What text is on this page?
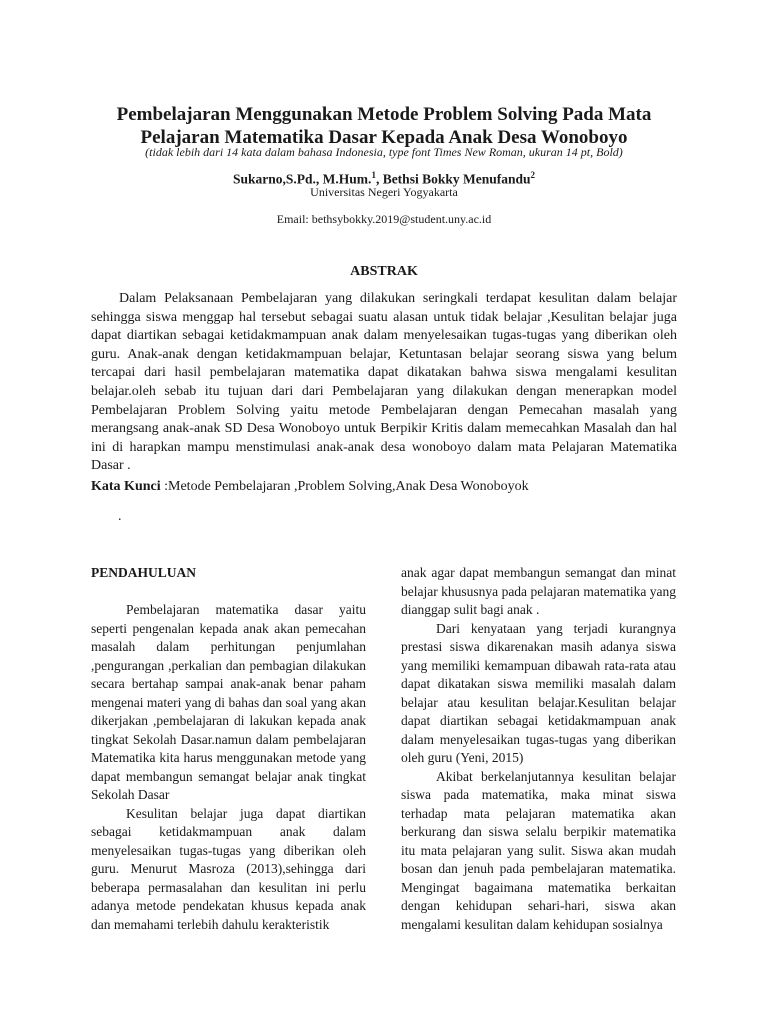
Pembelajaran Menggunakan Metode Problem Solving Pada Mata
Pelajaran Matematika Dasar Kepada Anak Desa Wonoboyo
(tidak lebih dari 14 kata dalam bahasa Indonesia, type font Times New Roman, ukuran 14 pt, Bold)
Sukarno,S.Pd., M.Hum.$^1$, Bethsi Bokky Menufandu$^2$
Universitas Negeri Yogyakarta
Email: bethsybokky.2019@student.uny.ac.id
ABSTRAK

Dalam Pelaksanaan Pembelajaran yang dilakukan seringkali terdapat kesulitan dalam belajar sehingga siswa menggap hal tersebut sebagai suatu alasan untuk tidak belajar ,Kesulitan belajar juga dapat diartikan sebagai ketidakmampuan anak dalam menyelesaikan tugas-tugas yang diberikan oleh guru. Anak-anak dengan ketidakmampuan belajar, Ketuntasan belajar seorang siswa yang belum tercapai dari hasil pembelajaran matematika dapat dikatakan bahwa siswa mengalami kesulitan belajar.oleh sebab itu tujuan dari dari Pembelajaran yang dilakukan dengan menerapkan model Pembelajaran Problem Solving yaitu metode Pembelajaran dengan Pemecahan masalah yang merangsang anak-anak SD Desa Wonoboyo untuk Berpikir Kritis dalam memecahkan Masalah dan hal ini di harapkan mampu menstimulasi anak-anak desa wonoboyo dalam mata Pelajaran Matematika Dasar .

Kata Kunci :Metode Pembelajaran ,Problem Solving,Anak Desa Wonoboyok
.
PENDAHULUAN

Pembelajaran matematika dasar yaitu seperti pengenalan kepada anak akan pemecahan masalah dalam perhitungan penjumlahan ,pengurangan ,perkalian dan pembagian dilakukan secara bertahap sampai anak-anak benar paham mengenai materi yang di bahas dan soal yang akan dikerjakan ,pembelajaran di lakukan kepada anak tingkat Sekolah Dasar.namun dalam pembelajaran Matematika kita harus menggunakan metode yang dapat membangun semangat belajar anak tingkat Sekolah Dasar

Kesulitan belajar juga dapat diartikan sebagai ketidakmampuan anak dalam menyelesaikan tugas-tugas yang diberikan oleh guru. Menurut Masroza (2013),sehingga dari beberapa permasalahan dan kesulitan ini perlu adanya metode pendekatan khusus kepada anak dan memahami terlebih dahulu kerakteristik

anak agar dapat membangun semangat dan minat belajar khususnya pada pelajaran matematika yang dianggap sulit bagi anak .

Dari kenyataan yang terjadi kurangnya prestasi siswa dikarenakan masih adanya siswa yang memiliki kemampuan dibawah rata-rata atau dapat dikatakan siswa memiliki masalah dalam belajar atau kesulitan belajar.Kesulitan belajar dapat diartikan sebagai ketidakmampuan anak dalam menyelesaikan tugas-tugas yang diberikan oleh guru (Yeni, 2015)

Akibat berkelanjutannya kesulitan belajar siswa pada matematika, maka minat siswa terhadap mata pelajaran matematika akan berkurang dan siswa selalu berpikir matematika itu mata pelajaran yang sulit. Siswa akan mudah bosan dan jenuh pada pembelajaran matematika. Mengingat bagaimana matematika berkaitan dengan kehidupan sehari-hari, siswa akan mengalami kesulitan dalam kehidupan sosialnya
